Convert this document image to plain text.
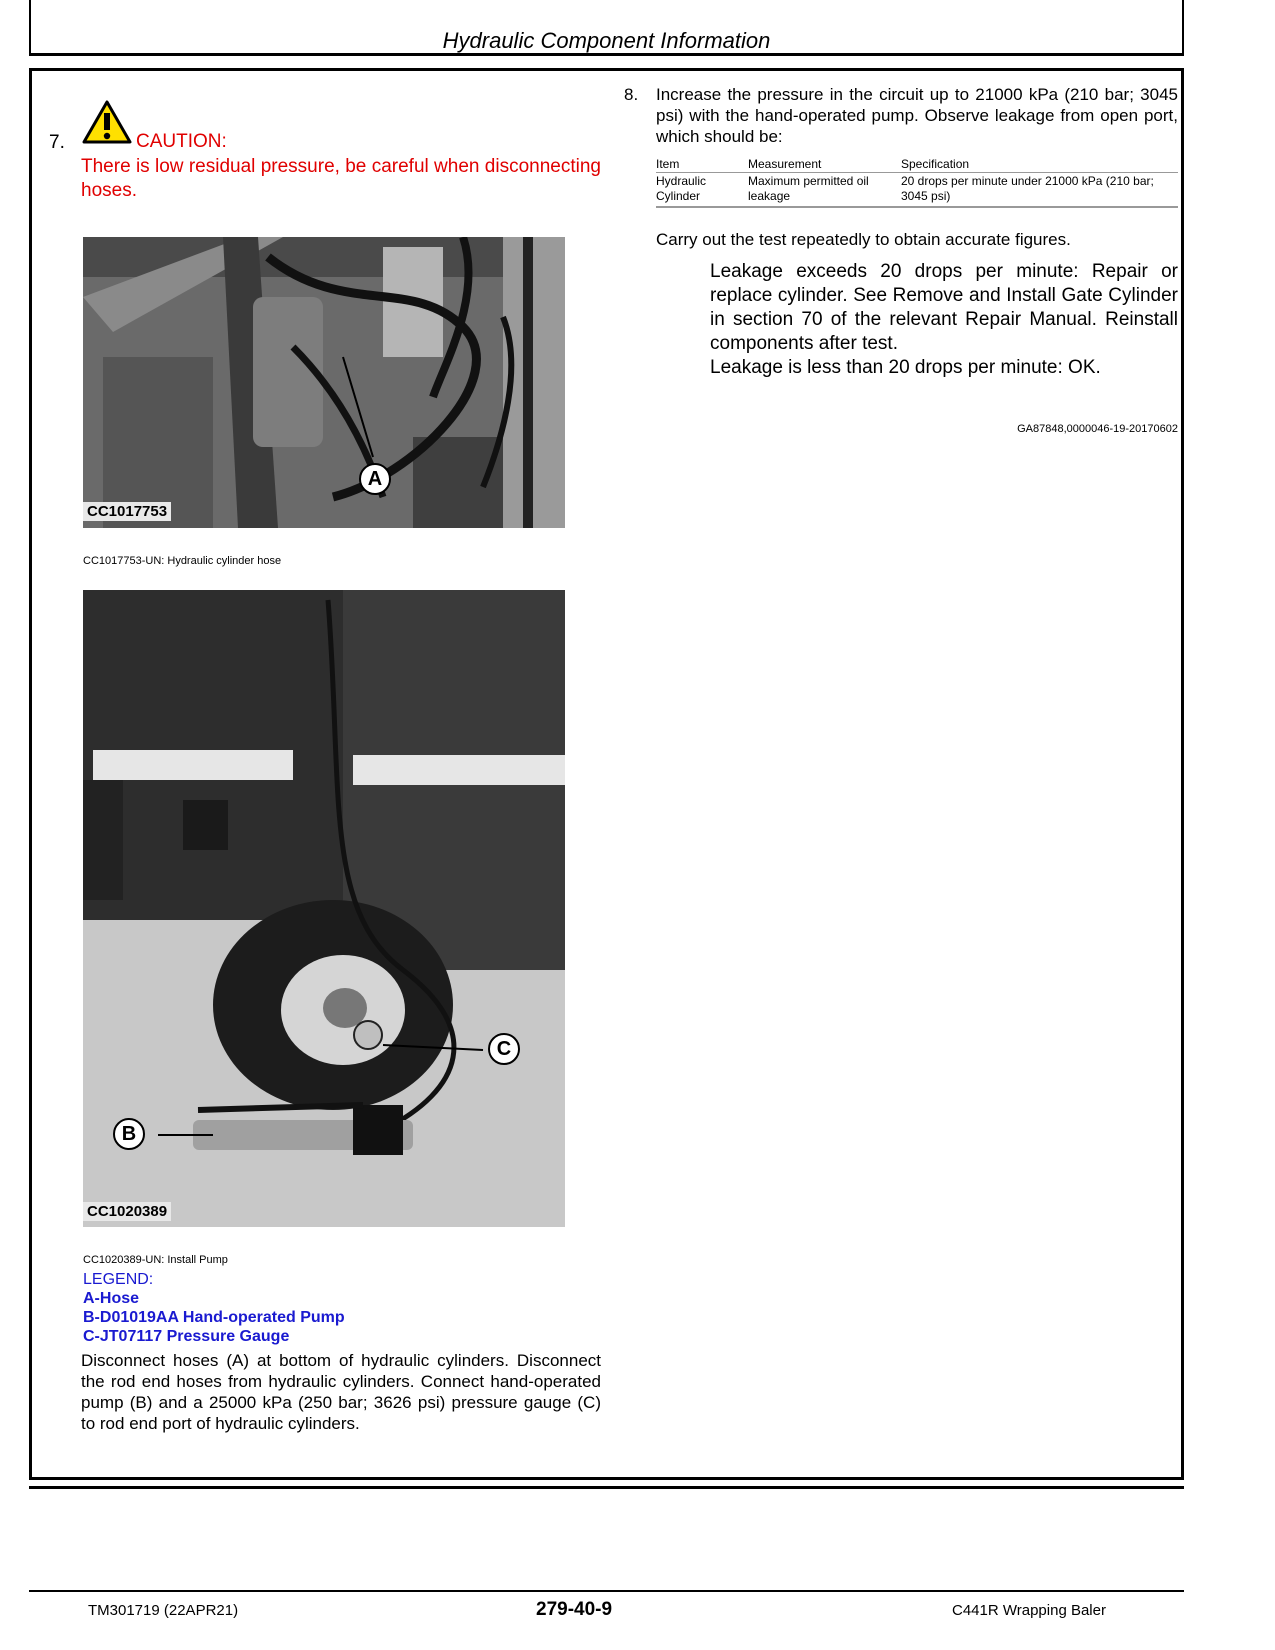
Hydraulic Component Information
7.	CAUTION:
There is low residual pressure, be careful when disconnecting hoses.
A
CC1017753
CC1017753-UN: Hydraulic cylinder hose
C
B
CC1020389
CC1020389-UN: Install Pump
LEGEND:
A-Hose
B-D01019AA Hand-operated Pump
C-JT07117 Pressure Gauge
Disconnect hoses (A) at bottom of hydraulic cylinders. Disconnect the rod end hoses from hydraulic cylinders. Connect hand-operated pump (B) and a 25000 kPa (250 bar; 3626 psi) pressure gauge (C) to rod end port of hydraulic cylinders.
8. Increase the pressure in the circuit up to 21000 kPa (210 bar; 3045 psi) with the hand-operated pump. Observe leakage from open port, which should be:
Item	Measurement	Specification
Hydraulic Cylinder	Maximum permitted oil leakage	20 drops per minute under 21000 kPa (210 bar; 3045 psi)
Carry out the test repeatedly to obtain accurate figures.
Leakage exceeds 20 drops per minute: Repair or replace cylinder. See Remove and Install Gate Cylinder in section 70 of the relevant Repair Manual. Reinstall components after test.
Leakage is less than 20 drops per minute: OK.
GA87848,0000046-19-20170602
TM301719 (22APR21)	279-40-9	C441R Wrapping Baler
